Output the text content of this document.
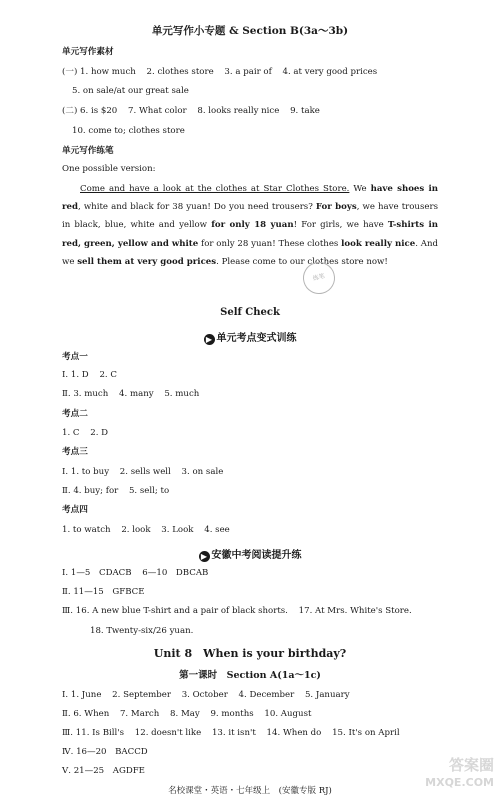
单元写作小专题 & Section B(3a～3b)
单元写作素材
(一) 1. how much 2. clothes store 3. a pair of 4. at very good prices
5. on sale/at our great sale
(二) 6. is $20 7. What color 8. looks really nice 9. take
10. come to; clothes store
单元写作练笔
One possible version:
Come and have a look at the clothes at Star Clothes Store. We have shoes in red, white and black for 38 yuan! Do you need trousers? For boys, we have trousers in black, blue, white and yellow for only 18 yuan! For girls, we have T-shirts in red, green, yellow and white for only 28 yuan! These clothes look really nice. And we sell them at very good prices. Please come to our clothes store now!
练笔
Self Check
▶ 单元考点变式训练
考点一
Ⅰ. 1. D 2. C
Ⅱ. 3. much 4. many 5. much
考点二
1. C 2. D
考点三
Ⅰ. 1. to buy 2. sells well 3. on sale
Ⅱ. 4. buy; for 5. sell; to
考点四
1. to watch 2. look 3. Look 4. see
▶ 安徽中考阅读提升练
Ⅰ. 1—5　CDACB 6—10　DBCAB
Ⅱ. 11—15　GFBCE
Ⅲ. 16. A new blue T-shirt and a pair of black shorts. 17. At Mrs. White's Store.
18. Twenty-six/26 yuan.
Unit 8　When is your birthday?
第一课时　Section A(1a～1c)
Ⅰ. 1. June 2. September 3. October 4. December 5. January
Ⅱ. 6. When 7. March 8. May 9. months 10. August
Ⅲ. 11. Is Bill's 12. doesn't like 13. it isn't 14. When do 15. It's on April
Ⅳ. 16—20　BACCD
Ⅴ. 21—25　AGDFE
名校课堂・英语・七年级上　(安徽专版 RJ)
答案圈
MXQE.COM
